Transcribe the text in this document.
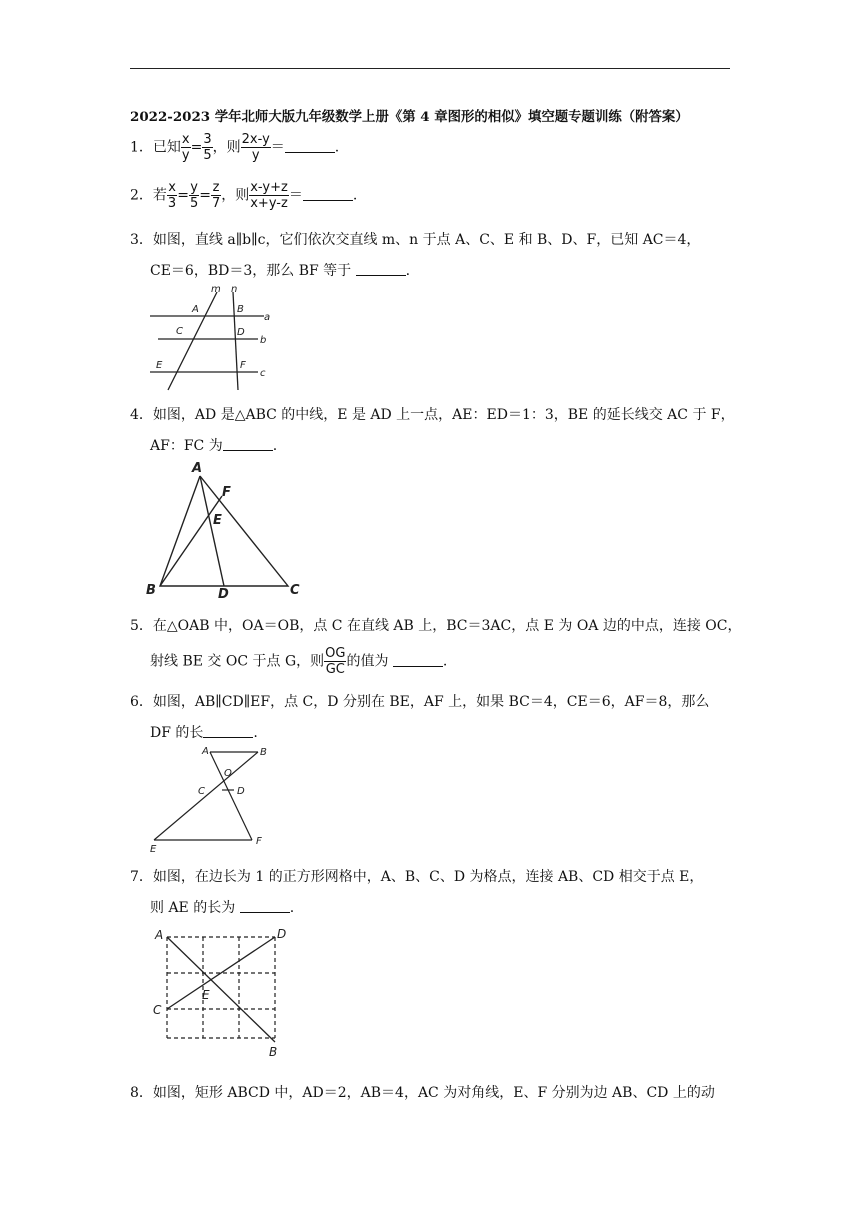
2022-2023 学年北师大版九年级数学上册《第 4 章图形的相似》填空题专题训练（附答案）
1．已知 $\frac{x}{y} = \frac{3}{5}$ ，则 $\frac{2x-y}{y}$ ＝	.
2．若 $\frac{x}{3} = \frac{y}{5} = \frac{z}{7}$ ，则 $\frac{x-y+z}{x+y-z}$ ＝	.
3．如图，直线 a∥b∥c，它们依次交直线 m、n 于点 A、C、E 和 B、D、F，已知 AC＝4，
CE＝6，BD＝3，那么 BF 等于	.
m n
A	B
C	D
E	F
a
b
c
4．如图，AD 是△ABC 的中线，E 是 AD 上一点，AE：ED＝1：3，BE 的延长线交 AC 于 F，
AF：FC 为	.
A
B	C
D
E
F
5．在△OAB 中，OA＝OB，点 C 在直线 AB 上，BC＝3AC，点 E 为 OA 边的中点，连接 OC，
射线 BE 交 OC 于点 G，则 $\frac{OG}{GC}$ 的值为	.
6．如图，AB∥CD∥EF，点 C，D 分别在 BE，AF 上，如果 BC＝4，CE＝6，AF＝8，那么
DF 的长	.
A	B
O
C	D
E
F
7．如图，在边长为 1 的正方形网格中，A、B、C、D 为格点，连接 AB、CD 相交于点 E，
则 AE 的长为	.
A	D
C
E
B
8．如图，矩形 ABCD 中，AD＝2，AB＝4，AC 为对角线，E、F 分别为边 AB、CD 上的动
